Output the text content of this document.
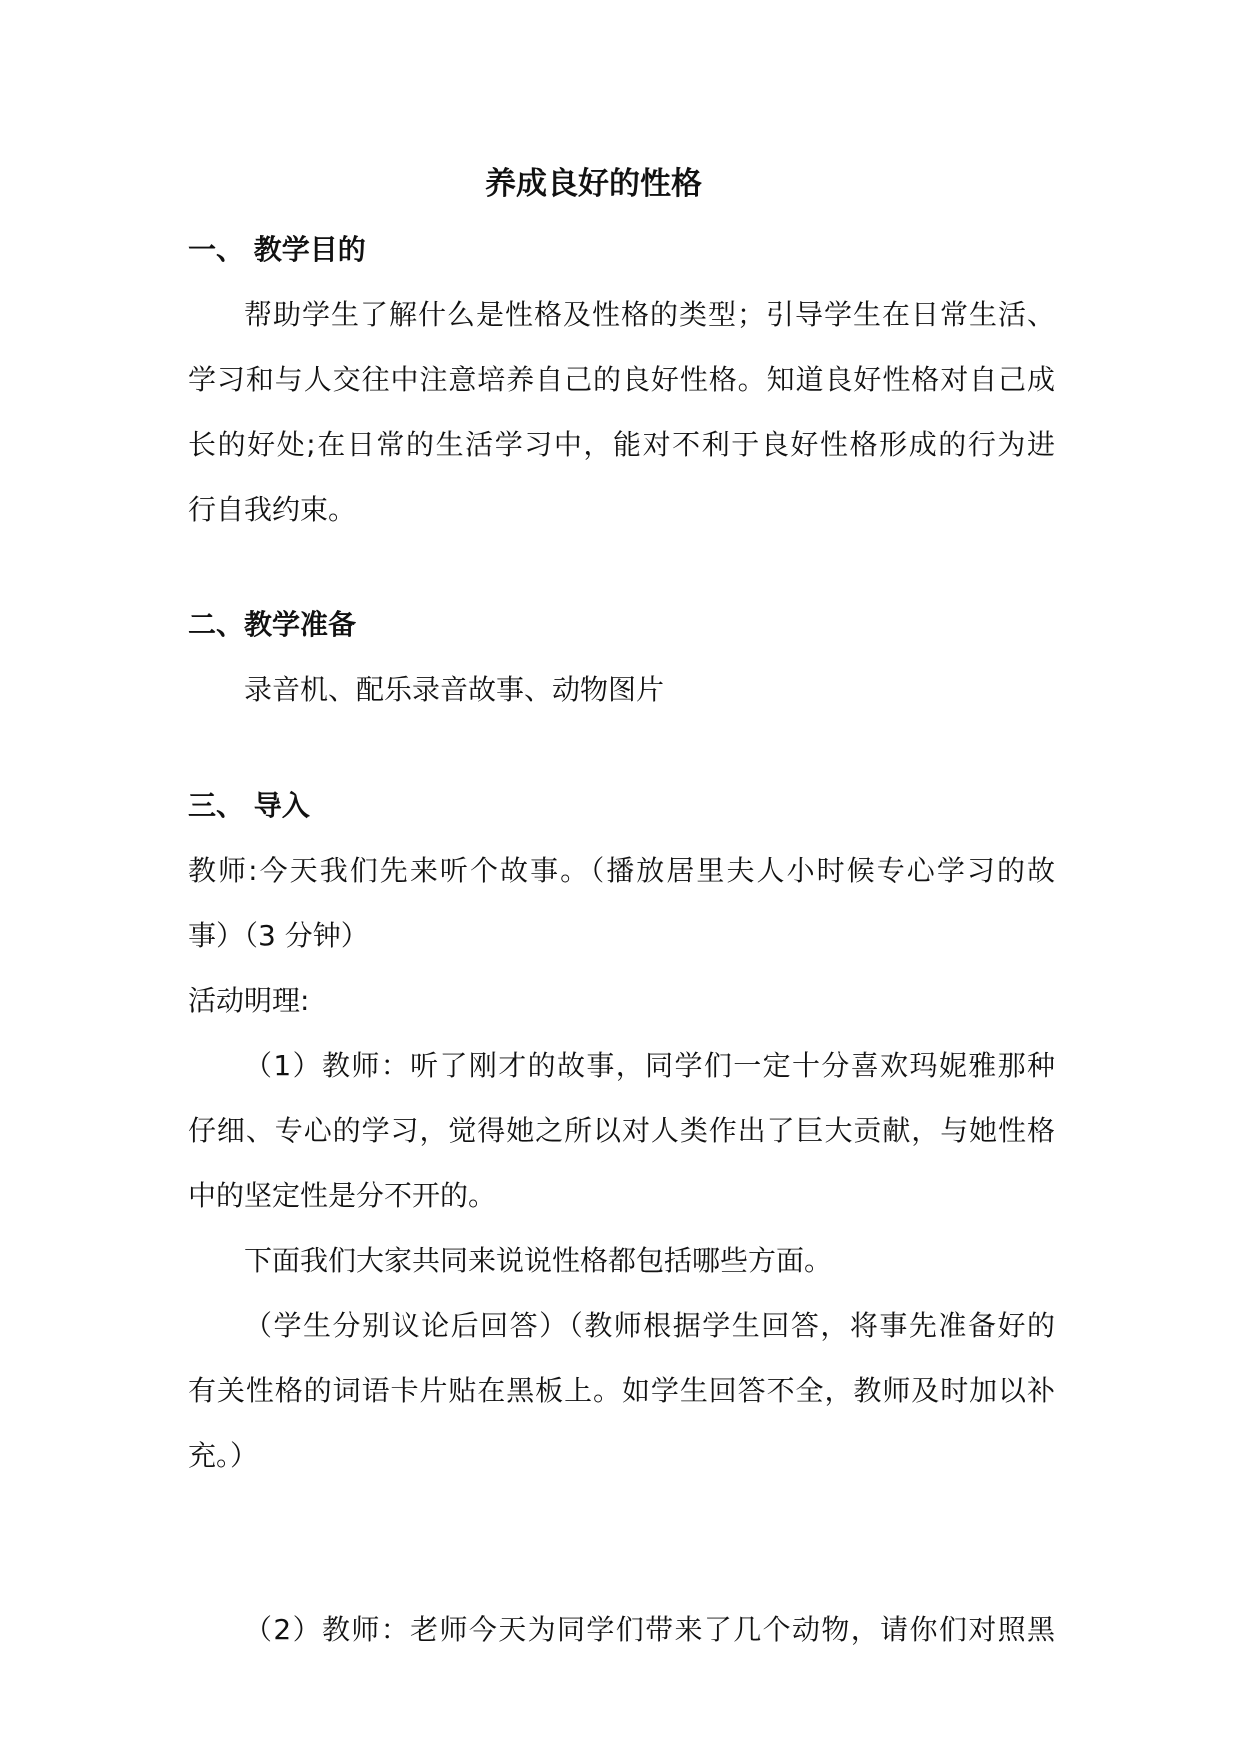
养成良好的性格
一、 教学目的
帮助学生了解什么是性格及性格的类型；引导学生在日常生活、
学习和与人交往中注意培养自己的良好性格。知道良好性格对自己成
长的好处;在日常的生活学习中，能对不利于良好性格形成的行为进
行自我约束。
二、教学准备
录音机、配乐录音故事、动物图片
三、 导入
教师:今天我们先来听个故事。（播放居里夫人小时候专心学习的故
事）（3 分钟）
活动明理:
（1）教师：听了刚才的故事，同学们一定十分喜欢玛妮雅那种
仔细、专心的学习，觉得她之所以对人类作出了巨大贡献，与她性格
中的坚定性是分不开的。
下面我们大家共同来说说性格都包括哪些方面。
（学生分别议论后回答）（教师根据学生回答，将事先准备好的
有关性格的词语卡片贴在黑板上。如学生回答不全，教师及时加以补
充。）
（2）教师：老师今天为同学们带来了几个动物，请你们对照黑
